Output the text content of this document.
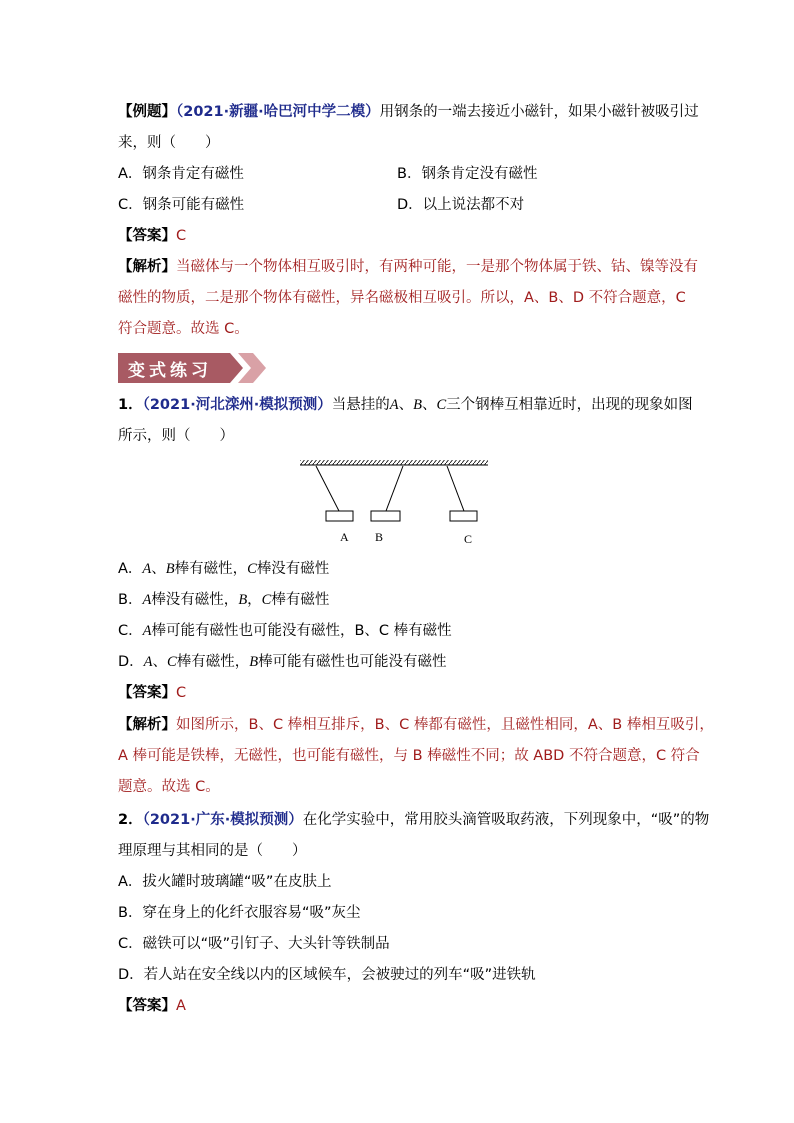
【例题】（2021·新疆·哈巴河中学二模）用钢条的一端去接近小磁针，如果小磁针被吸引过
来，则（　　）
A．钢条肯定有磁性	B．钢条肯定没有磁性
C．钢条可能有磁性	D．以上说法都不对
【答案】C
【解析】当磁体与一个物体相互吸引时，有两种可能，一是那个物体属于铁、钴、镍等没有
磁性的物质，二是那个物体有磁性，异名磁极相互吸引。所以，A、B、D 不符合题意，C
符合题意。故选 C。
变式练习
1．（2021·河北滦州·模拟预测）当悬挂的A、B、C三个钢棒互相靠近时，出现的现象如图
所示，则（　　）
A B	C
A．A、B棒有磁性，C棒没有磁性
B．A棒没有磁性，B，C棒有磁性
C．A棒可能有磁性也可能没有磁性，B、C 棒有磁性
D．A、C棒有磁性，B棒可能有磁性也可能没有磁性
【答案】C
【解析】如图所示，B、C 棒相互排斥，B、C 棒都有磁性，且磁性相同，A、B 棒相互吸引，
A 棒可能是铁棒，无磁性，也可能有磁性，与 B 棒磁性不同；故 ABD 不符合题意，C 符合
题意。故选 C。
2．（2021·广东·模拟预测）在化学实验中，常用胶头滴管吸取药液，下列现象中，“吸”的物
理原理与其相同的是（　　）
A．拔火罐时玻璃罐“吸”在皮肤上
B．穿在身上的化纤衣服容易“吸”灰尘
C．磁铁可以“吸”引钉子、大头针等铁制品
D．若人站在安全线以内的区域候车，会被驶过的列车“吸”进铁轨
【答案】A
